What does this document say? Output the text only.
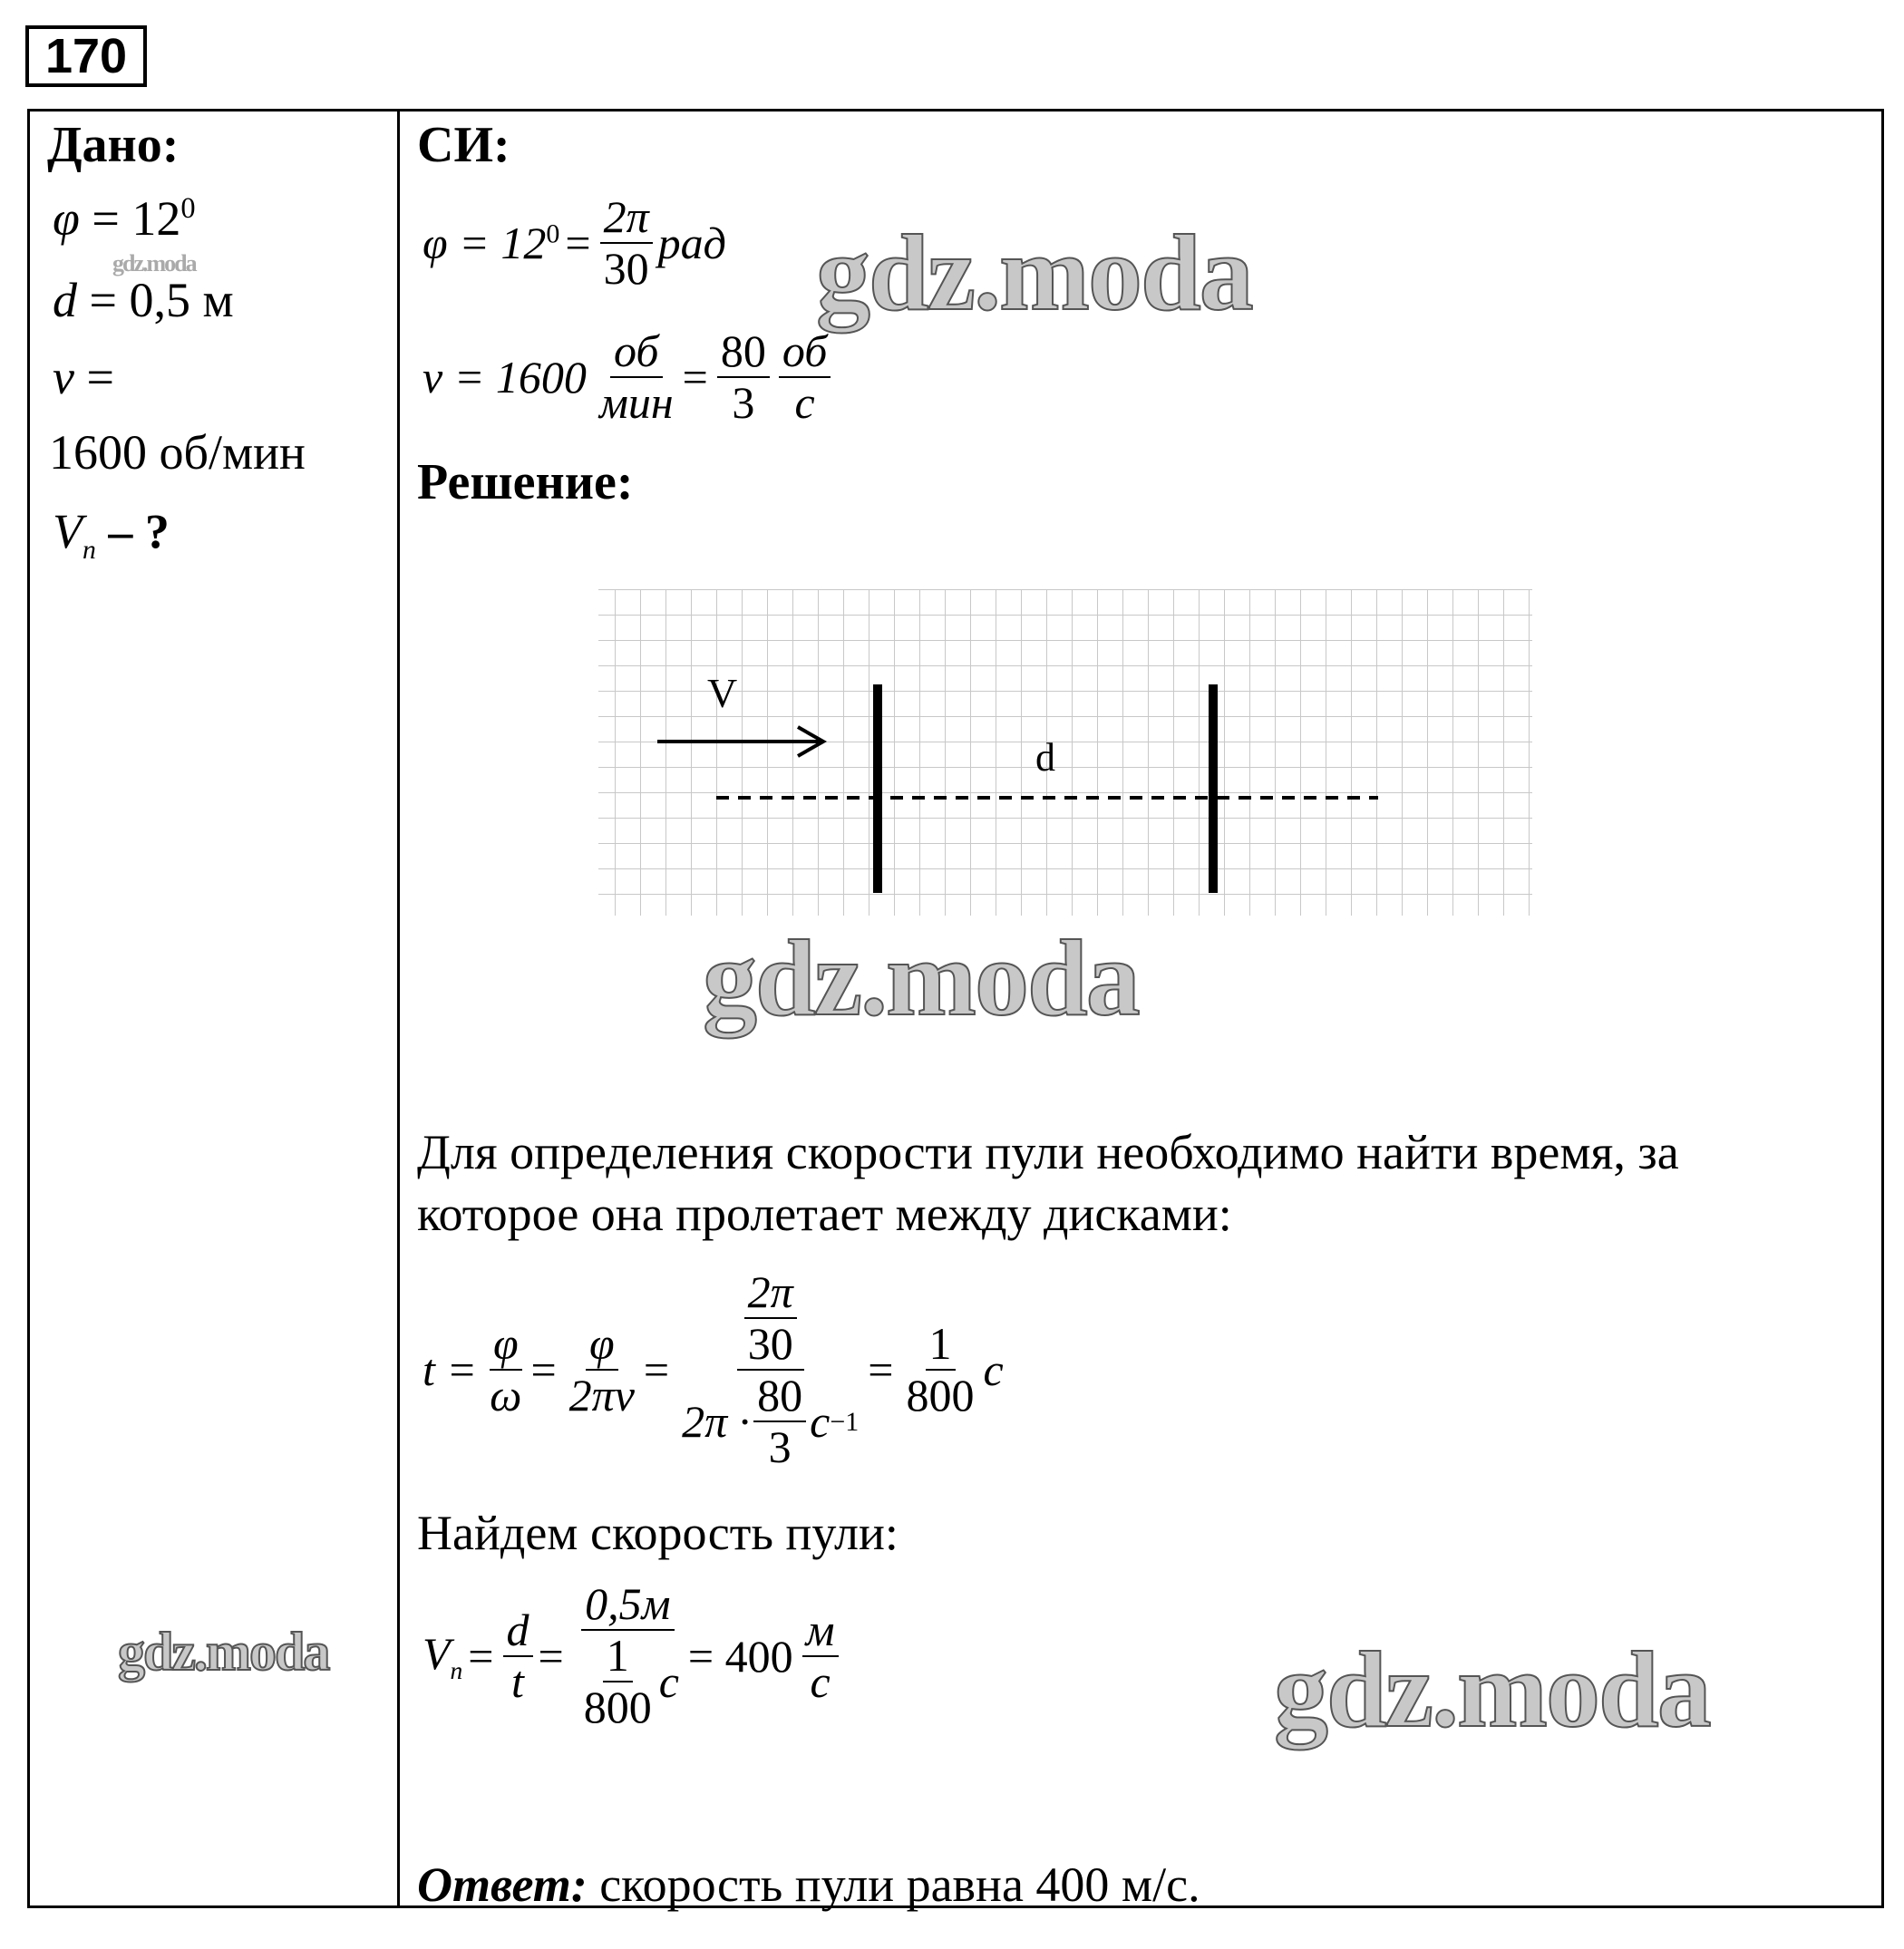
170
Дано:
$\varphi = 12^0$
gdz.moda
d = 0,5 м
ν =
1600 об/мин
$V_п$ – ?
gdz.moda
СИ:
$\varphi = 12^0 = \frac{2\pi}{30}$ рад
$\nu = 1600 \frac{об}{\text{мин}} = \frac{80}{3} \frac{об}{с}$
gdz.moda
Решение:
V
d
gdz.moda
Для определения скорости пули необходимо найти время, за
которое она пролетает между дисками:
$t = \frac{\varphi}{\omega} = \frac{\varphi}{2\pi\nu} = \frac{\frac{2\pi}{30}}{2\pi \cdot \frac{80}{3} с -1} = \frac{1}{800}$ с
Найдем скорость пули:
$V_п = \frac{d}{t} = \frac{0,5м}{\frac{1}{800} с} = 400 \frac{м}{с}$	gdz.moda
Ответ: скорость пули равна 400 м/с.
